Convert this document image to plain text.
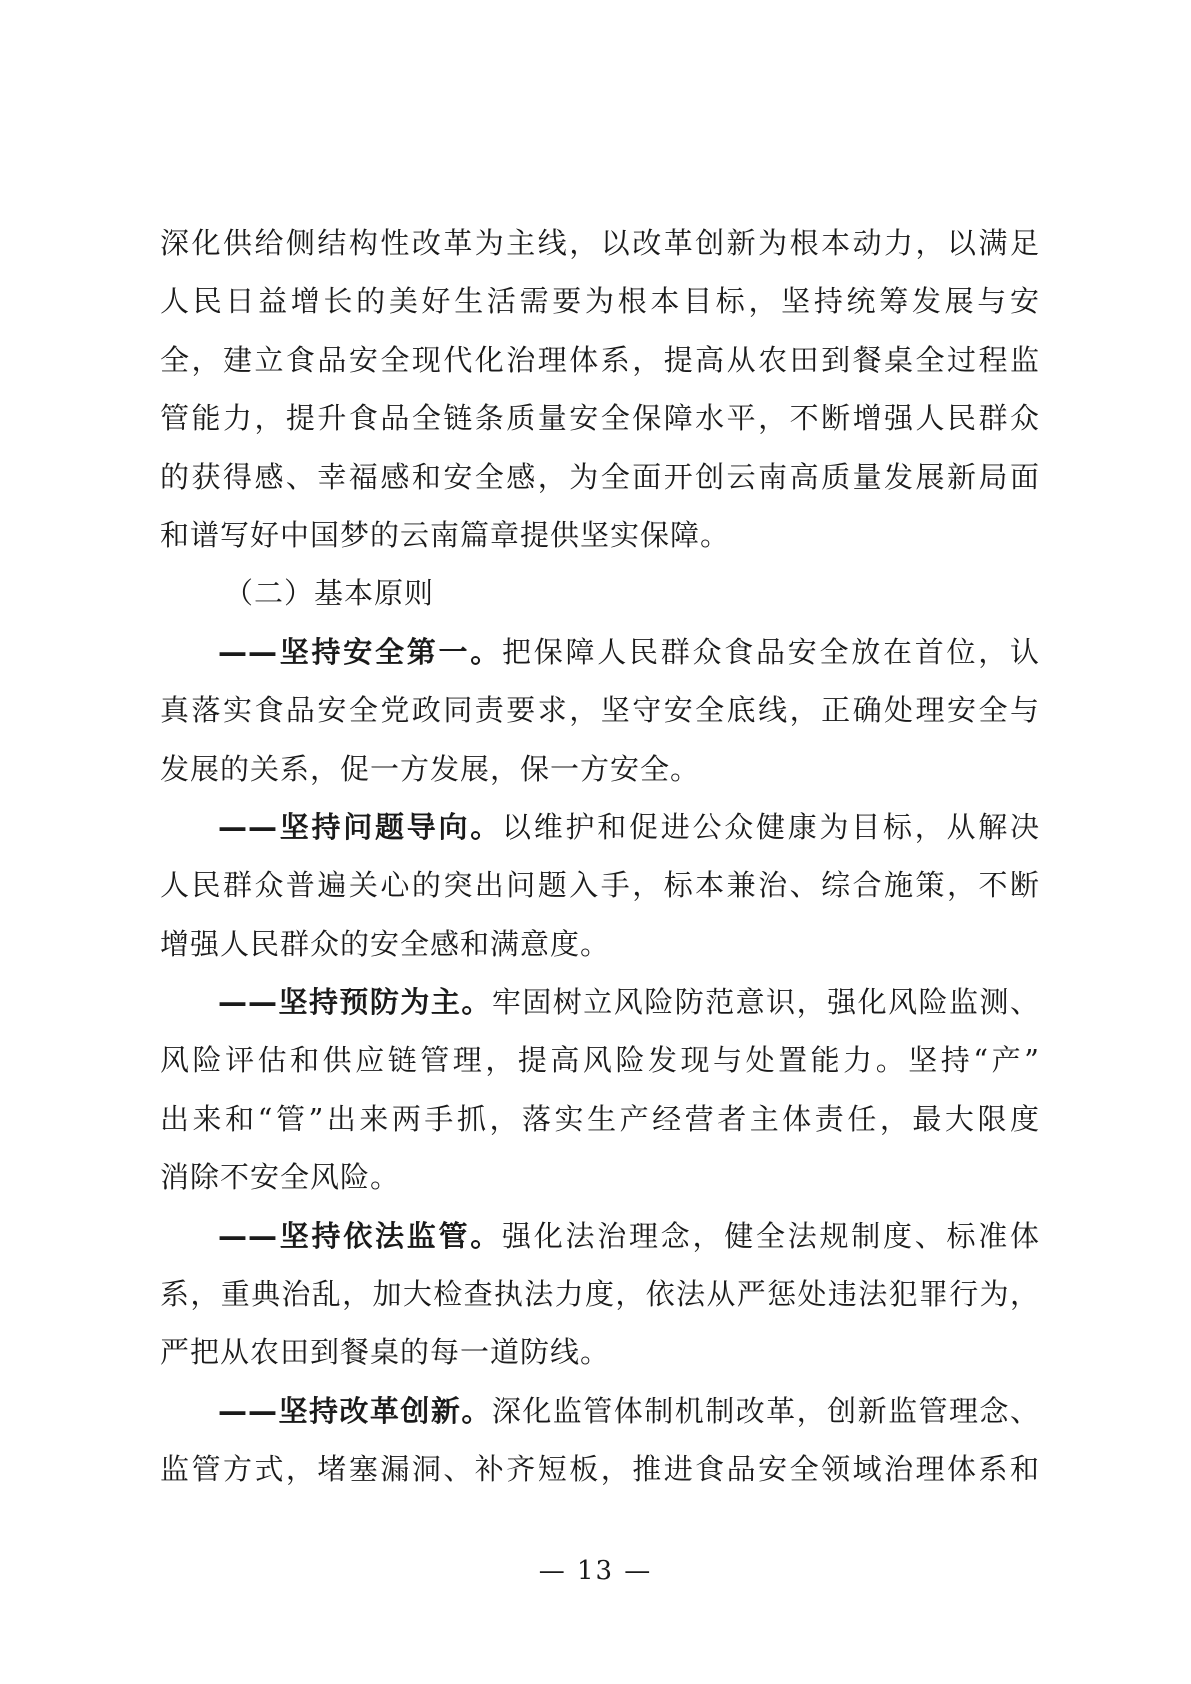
深化供给侧结构性改革为主线，以改革创新为根本动力，以满足
人民日益增长的美好生活需要为根本目标，坚持统筹发展与安
全，建立食品安全现代化治理体系，提高从农田到餐桌全过程监
管能力，提升食品全链条质量安全保障水平，不断增强人民群众
的获得感、幸福感和安全感，为全面开创云南高质量发展新局面
和谱写好中国梦的云南篇章提供坚实保障。
（二）基本原则
——坚持安全第一。把保障人民群众食品安全放在首位，认
真落实食品安全党政同责要求，坚守安全底线，正确处理安全与
发展的关系，促一方发展，保一方安全。
——坚持问题导向。以维护和促进公众健康为目标，从解决
人民群众普遍关心的突出问题入手，标本兼治、综合施策，不断
增强人民群众的安全感和满意度。
——坚持预防为主。牢固树立风险防范意识，强化风险监测、
风险评估和供应链管理，提高风险发现与处置能力。坚持“产”
出来和“管”出来两手抓，落实生产经营者主体责任，最大限度
消除不安全风险。
——坚持依法监管。强化法治理念，健全法规制度、标准体
系，重典治乱，加大检查执法力度，依法从严惩处违法犯罪行为，
严把从农田到餐桌的每一道防线。
——坚持改革创新。深化监管体制机制改革，创新监管理念、
监管方式，堵塞漏洞、补齐短板，推进食品安全领域治理体系和
— 13 —
